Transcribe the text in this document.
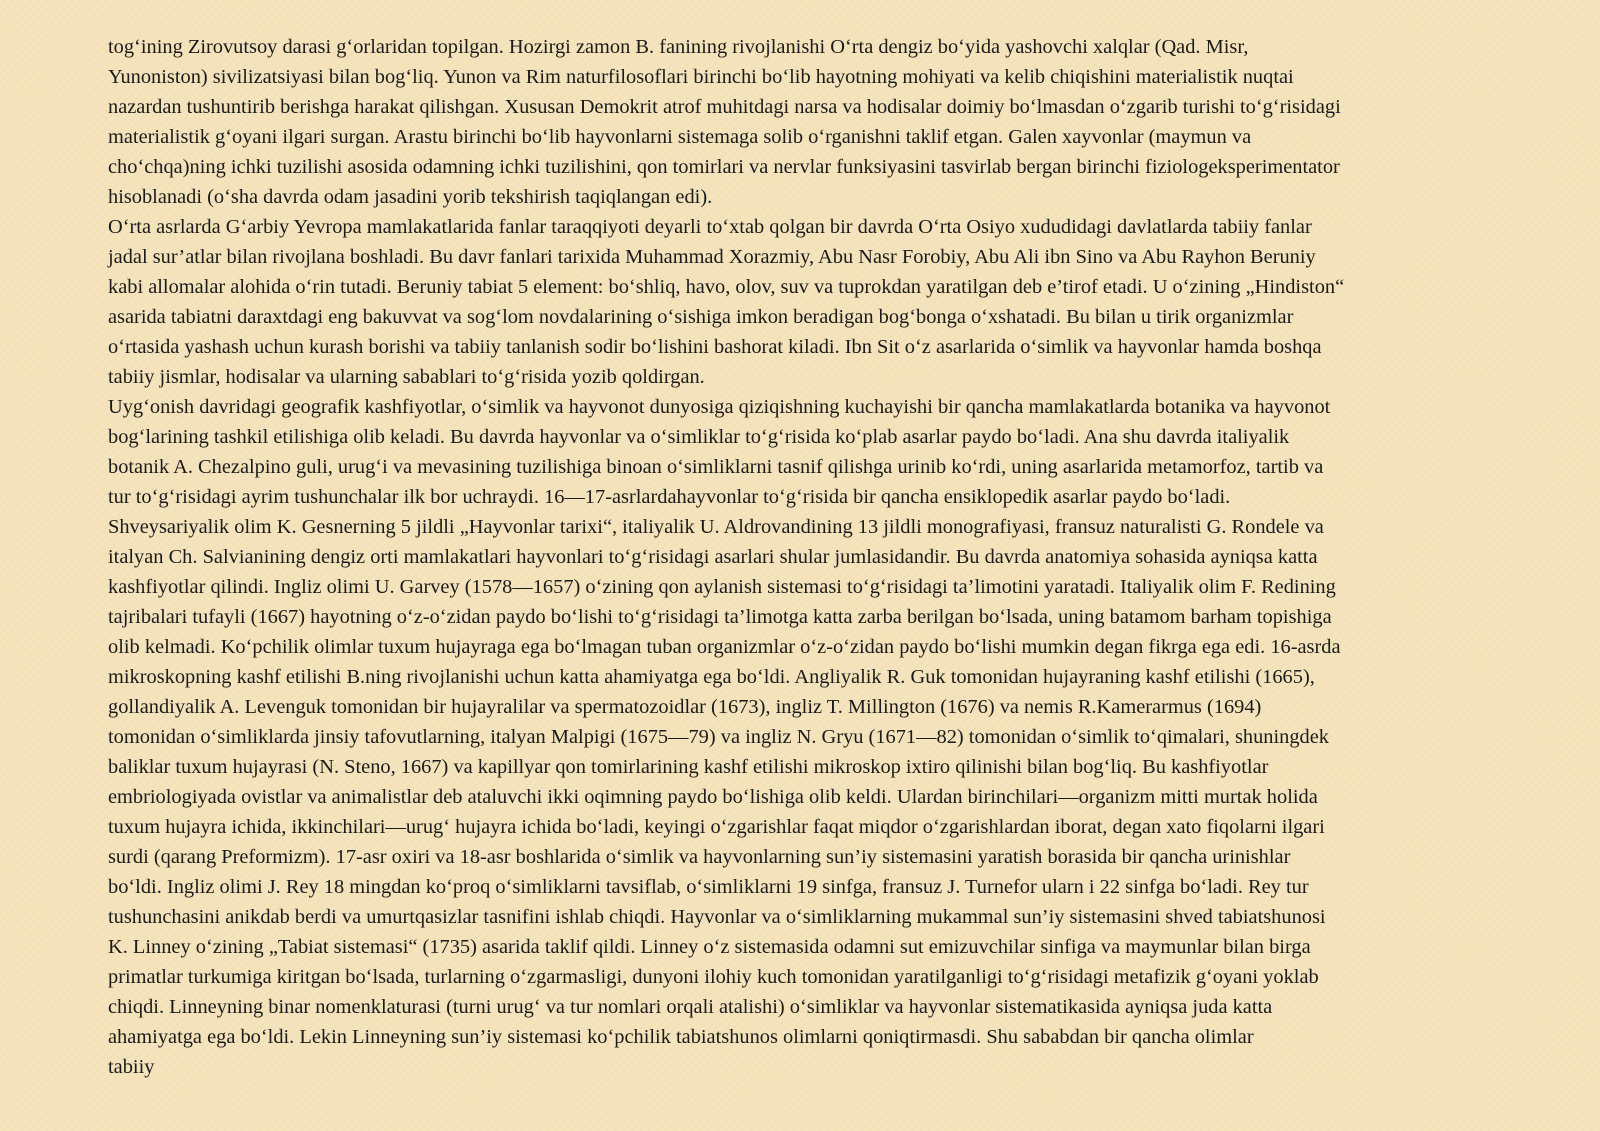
tog‘ining Zirovutsoy darasi g‘orlaridan topilgan. Hozirgi zamon B. fanining rivojlanishi O‘rta dengiz bo‘yida yashovchi xalqlar (Qad. Misr,
Yunoniston) sivilizatsiyasi bilan bog‘liq. Yunon va Rim naturfilosoflari birinchi bo‘lib hayotning mohiyati va kelib chiqishini materialistik nuqtai
nazardan tushuntirib berishga harakat qilishgan. Xususan Demokrit atrof muhitdagi narsa va hodisalar doimiy bo‘lmasdan o‘zgarib turishi to‘g‘risidagi
materialistik g‘oyani ilgari surgan. Arastu birinchi bo‘lib hayvonlarni sistemaga solib o‘rganishni taklif etgan. Galen xayvonlar (maymun va
cho‘chqa)ning ichki tuzilishi asosida odamning ichki tuzilishini, qon tomirlari va nervlar funksiyasini tasvirlab bergan birinchi fiziologeksperimentator
hisoblanadi (o‘sha davrda odam jasadini yorib tekshirish taqiqlangan edi).

O‘rta asrlarda G‘arbiy Yevropa mamlakatlarida fanlar taraqqiyoti deyarli to‘xtab qolgan bir davrda O‘rta Osiyo xududidagi davlatlarda tabiiy fanlar
jadal sur’atlar bilan rivojlana boshladi. Bu davr fanlari tarixida Muhammad Xorazmiy, Abu Nasr Forobiy, Abu Ali ibn Sino va Abu Rayhon Beruniy
kabi allomalar alohida o‘rin tutadi. Beruniy tabiat 5 element: bo‘shliq, havo, olov, suv va tuprokdan yaratilgan deb e’tirof etadi. U o‘zining „Hindiston“
asarida tabiatni daraxtdagi eng bakuvvat va sog‘lom novdalarining o‘sishiga imkon beradigan bog‘bonga o‘xshatadi. Bu bilan u tirik organizmlar
o‘rtasida yashash uchun kurash borishi va tabiiy tanlanish sodir bo‘lishini bashorat kiladi. Ibn Sit o‘z asarlarida o‘simlik va hayvonlar hamda boshqa
tabiiy jismlar, hodisalar va ularning sabablari to‘g‘risida yozib qoldirgan.

Uyg‘onish davridagi geografik kashfiyotlar, o‘simlik va hayvonot dunyosiga qiziqishning kuchayishi bir qancha mamlakatlarda botanika va hayvonot
bog‘larining tashkil etilishiga olib keladi. Bu davrda hayvonlar va o‘simliklar to‘g‘risida ko‘plab asarlar paydo bo‘ladi. Ana shu davrda italiyalik
botanik A. Chezalpino guli, urug‘i va mevasining tuzilishiga binoan o‘simliklarni tasnif qilishga urinib ko‘rdi, uning asarlarida metamorfoz, tartib va
tur to‘g‘risidagi ayrim tushunchalar ilk bor uchraydi. 16—17-asrlardahayvonlar to‘g‘risida bir qancha ensiklopedik asarlar paydo bo‘ladi.
Shveysariyalik olim K. Gesnerning 5 jildli „Hayvonlar tarixi“, italiyalik U. Aldrovandining 13 jildli monografiyasi, fransuz naturalisti G. Rondele va
italyan Ch. Salvianining dengiz orti mamlakatlari hayvonlari to‘g‘risidagi asarlari shular jumlasidandir. Bu davrda anatomiya sohasida ayniqsa katta
kashfiyotlar qilindi. Ingliz olimi U. Garvey (1578—1657) o‘zining qon aylanish sistemasi to‘g‘risidagi ta’limotini yaratadi. Italiyalik olim F. Redining
tajribalari tufayli (1667) hayotning o‘z-o‘zidan paydo bo‘lishi to‘g‘risidagi ta’limotga katta zarba berilgan bo‘lsada, uning batamom barham topishiga
olib kelmadi. Ko‘pchilik olimlar tuxum hujayraga ega bo‘lmagan tuban organizmlar o‘z-o‘zidan paydo bo‘lishi mumkin degan fikrga ega edi. 16-asrda
mikroskopning kashf etilishi B.ning rivojlanishi uchun katta ahamiyatga ega bo‘ldi. Angliyalik R. Guk tomonidan hujayraning kashf etilishi (1665),
gollandiyalik A. Levenguk tomonidan bir hujayralilar va spermatozoidlar (1673), ingliz T. Millington (1676) va nemis R.Kamerarmus (1694)
tomonidan o‘simliklarda jinsiy tafovutlarning, italyan Malpigi (1675—79) va ingliz N. Gryu (1671—82) tomonidan o‘simlik to‘qimalari, shuningdek
baliklar tuxum hujayrasi (N. Steno, 1667) va kapillyar qon tomirlarining kashf etilishi mikroskop ixtiro qilinishi bilan bog‘liq. Bu kashfiyotlar
embriologiyada ovistlar va animalistlar deb ataluvchi ikki oqimning paydo bo‘lishiga olib keldi. Ulardan birinchilari—organizm mitti murtak holida
tuxum hujayra ichida, ikkinchilari—urug‘ hujayra ichida bo‘ladi, keyingi o‘zgarishlar faqat miqdor o‘zgarishlardan iborat, degan xato fiqolarni ilgari
surdi (qarang Preformizm). 17-asr oxiri va 18-asr boshlarida o‘simlik va hayvonlarning sun’iy sistemasini yaratish borasida bir qancha urinishlar
bo‘ldi. Ingliz olimi J. Rey 18 mingdan ko‘proq o‘simliklarni tavsiflab, o‘simliklarni 19 sinfga, fransuz J. Turnefor ularn i 22 sinfga bo‘ladi. Rey tur
tushunchasini anikdab berdi va umurtqasizlar tasnifini ishlab chiqdi. Hayvonlar va o‘simliklarning mukammal sun’iy sistemasini shved tabiatshunosi
K. Linney o‘zining „Tabiat sistemasi“ (1735) asarida taklif qildi. Linney o‘z sistemasida odamni sut emizuvchilar sinfiga va maymunlar bilan birga
primatlar turkumiga kiritgan bo‘lsada, turlarning o‘zgarmasligi, dunyoni ilohiy kuch tomonidan yaratilganligi to‘g‘risidagi metafizik g‘oyani yoklab
chiqdi. Linneyning binar nomenklaturasi (turni urug‘ va tur nomlari orqali atalishi) o‘simliklar va hayvonlar sistematikasida ayniqsa juda katta
ahamiyatga ega bo‘ldi. Lekin Linneyning sun’iy sistemasi ko‘pchilik tabiatshunos olimlarni qoniqtirmasdi. Shu sababdan bir qancha olimlar
tabiiy
